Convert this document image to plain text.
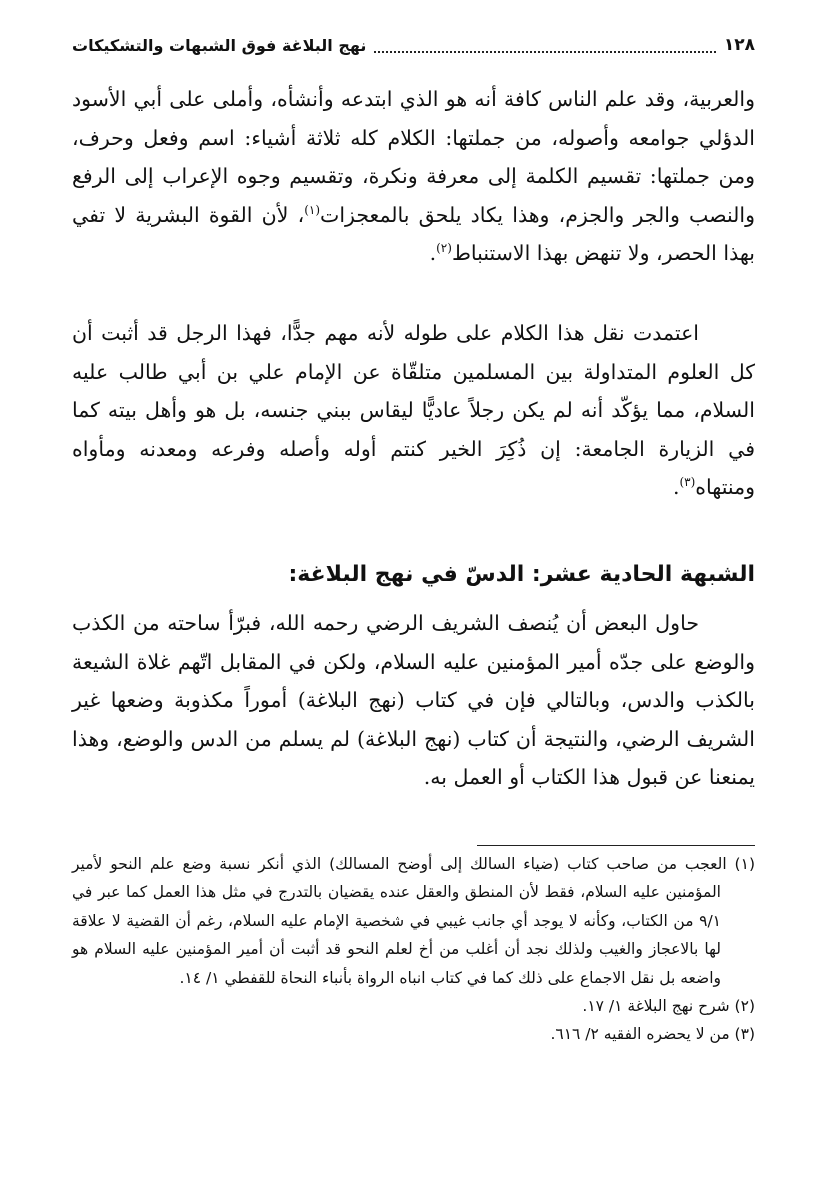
١٢٨
نهج البلاغة فوق الشبهات والتشكيكات

والعربية، وقد علم الناس كافة أنه هو الذي ابتدعه وأنشأه، وأملى على أبي الأسود الدؤلي جوامعه وأصوله، من جملتها: الكلام كله ثلاثة أشياء: اسم وفعل وحرف، ومن جملتها: تقسيم الكلمة إلى معرفة ونكرة، وتقسيم وجوه الإعراب إلى الرفع والنصب والجر والجزم، وهذا يكاد يلحق بالمعجزات$^{(١)}$، لأن القوة البشرية لا تفي بهذا الحصر، ولا تنهض بهذا الاستنباط$^{(٢)}$.

اعتمدت نقل هذا الكلام على طوله لأنه مهم جدًّا، فهذا الرجل قد أثبت أن كل العلوم المتداولة بين المسلمين متلقّاة عن الإمام علي بن أبي طالب عليه السلام، مما يؤكّد أنه لم يكن رجلاً عاديًّا ليقاس ببني جنسه، بل هو وأهل بيته كما في الزيارة الجامعة: إن ذُكِرَ الخير كنتم أوله وأصله وفرعه ومعدنه ومأواه ومنتهاه$^{(٣)}$.

الشبهة الحادية عشر: الدسّ في نهج البلاغة:

حاول البعض أن يُنصف الشريف الرضي رحمه الله، فبرّأ ساحته من الكذب والوضع على جدّه أمير المؤمنين عليه السلام، ولكن في المقابل اتّهم غلاة الشيعة بالكذب والدس، وبالتالي فإن في كتاب (نهج البلاغة) أموراً مكذوبة وضعها غير الشريف الرضي، والنتيجة أن كتاب (نهج البلاغة) لم يسلم من الدس والوضع، وهذا يمنعنا عن قبول هذا الكتاب أو العمل به.

(١) العجب من صاحب كتاب (ضياء السالك إلى أوضح المسالك) الذي أنكر نسبة وضع علم النحو لأمير المؤمنين عليه السلام، فقط لأن المنطق والعقل عنده يقضيان بالتدرج في مثل هذا العمل كما عبر في ٩/١ من الكتاب، وكأنه لا يوجد أي جانب غيبي في شخصية الإمام عليه السلام، رغم أن القضية لا علاقة لها بالاعجاز والغيب ولذلك نجد أن أغلب من أخ لعلم النحو قد أثبت أن أمير المؤمنين عليه السلام هو واضعه بل نقل الاجماع على ذلك كما في كتاب انباه الرواة بأنباء النحاة للقفطي ١/ ١٤.

(٢) شرح نهج البلاغة ١/ ١٧.

(٣) من لا يحضره الفقيه ٢/ ٦١٦.
